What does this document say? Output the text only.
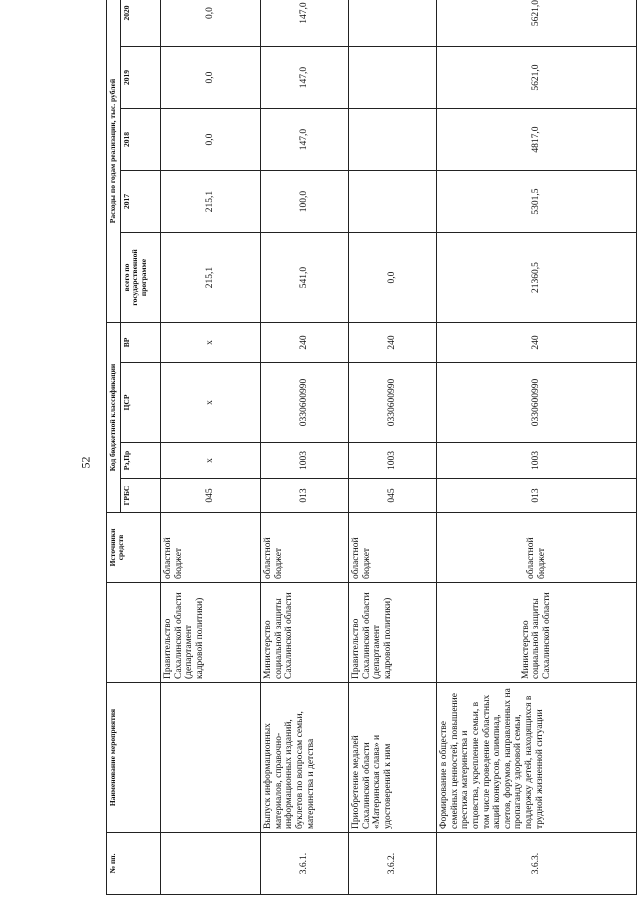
52
№ пп.	Наименование мероприятия		Источники средств	Код бюджетной классификации				Расходы по годам реализации, тыс. рублей				
				ГРБС	Рз,Пр	ЦСР	ВР	всего по государственной программе	2017	2018	2019	2020
		Правительство Сахалинской области (департамент кадровой политики)	областной бюджет	045	x	x	x	215,1	215,1	0,0	0,0	0,0
3.6.1.	Выпуск информационных материалов, справочно-информационных изданий, буклетов по вопросам семьи, материнства и детства	Министерство социальной защиты Сахалинской области	областной бюджет	013	1003	0330600990	240	541,0	100,0	147,0	147,0	147,0
3.6.2.	Приобретение медалей Сахалинской области «Материнская слава» и удостоверений к ним	Правительство Сахалинской области (департамент кадровой политики)	областной бюджет	045	1003	0330600990	240	0,0				
3.6.3.	Формирование в обществе семейных ценностей, повышение престижа материнства и отцовства, укрепление семьи, в том числе проведение областных акций конкурсов, олимпиад, слетов, форумов, направленных на пропаганду здоровой семьи, поддержку детей, находящихся в трудной жизненной ситуации	Министерство социальной защиты Сахалинской области	областной бюджет	013	1003	0330600990	240	21360,5	5301,5	4817,0	5621,0	5621,0
